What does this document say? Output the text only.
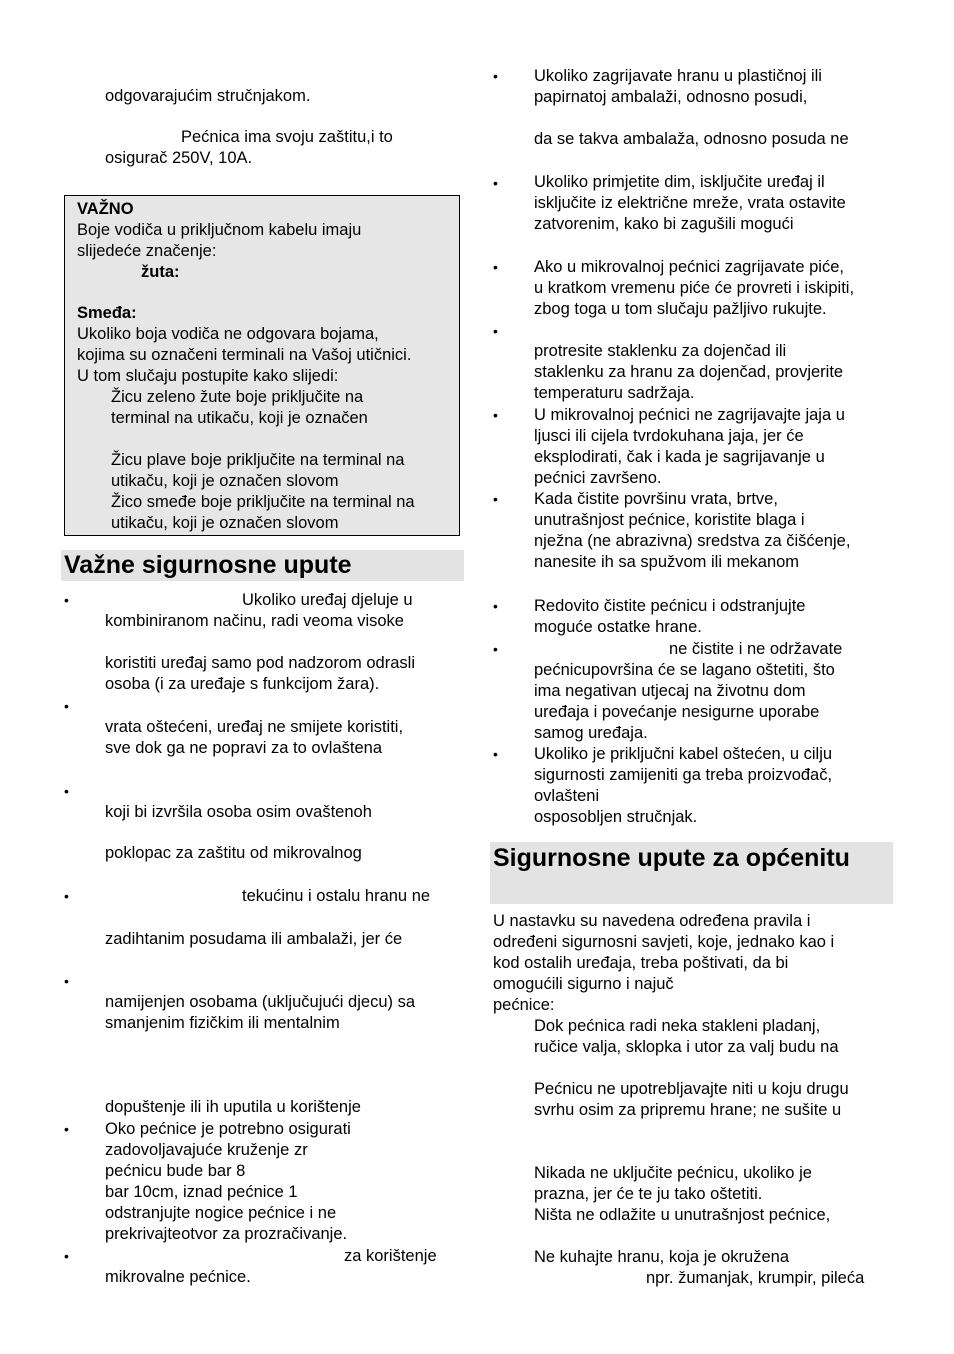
odgovarajućim stručnjakom.
Pećnica ima svoju zaštitu,i to
osigurač 250V, 10A.
VAŽNO
Boje vodiča u priključnom kabelu imaju
slijedeće značenje:
žuta:
Smeđa:
Ukoliko boja vodiča ne odgovara bojama,
kojima su označeni terminali na Vašoj utičnici.
U tom slučaju postupite kako slijedi:
Žicu zeleno žute boje priključite na
terminal na utikaču, koji je označen
Žicu plave boje priključite na terminal na
utikaču, koji je označen slovom
Žico smeđe boje priključite na terminal na
utikaču, koji je označen slovom
Važne sigurnosne upute
•	Ukoliko uređaj djeluje u
kombiniranom načinu, radi veoma visoke
koristiti uređaj samo pod nadzorom odrasli
osoba (i za uređaje s funkcijom žara).
•
vrata oštećeni, uređaj ne smijete koristiti,
sve dok ga ne popravi za to ovlaštena
•
koji bi izvršila osoba osim ovaštenoh
poklopac za zaštitu od mikrovalnog
•	tekućinu i ostalu hranu ne
zadihtanim posudama ili ambalaži, jer će
•
namijenjen osobama (uključujući djecu) sa
smanjenim fizičkim ili mentalnim
dopuštenje ili ih uputila u korištenje
• Oko pećnice je potrebno osigurati
zadovoljavajuće kruženje zr
pećnicu bude bar 8
bar 10cm, iznad pećnice 1
odstranjujte nogice pećnice i ne
prekrivajteotvor za prozračivanje.
•	za korištenje
mikrovalne pećnice.
• Ukoliko zagrijavate hranu u plastičnoj ili
papirnatoj ambalaži, odnosno posudi,
da se takva ambalaža, odnosno posuda ne
• Ukoliko primjetite dim, isključite uređaj il
isključite iz električne mreže, vrata ostavite
zatvorenim, kako bi zagušili mogući
• Ako u mikrovalnoj pećnici zagrijavate piće,
u kratkom vremenu piće će provreti i iskipiti,
zbog toga u tom slučaju pažljivo rukujte.
•
protresite staklenku za dojenčad ili
staklenku za hranu za dojenčad, provjerite
temperaturu sadržaja.
• U mikrovalnoj pećnici ne zagrijavajte jaja u
ljusci ili cijela tvrdokuhana jaja, jer će
eksplodirati, čak i kada je sagrijavanje u
pećnici završeno.
• Kada čistite površinu vrata, brtve,
unutrašnjost pećnice, koristite blaga i
nježna (ne abrazivna) sredstva za čišćenje,
nanesite ih sa spužvom ili mekanom
• Redovito čistite pećnicu i odstranjujte
moguće ostatke hrane.
•	ne čistite i ne održavate
pećnicupovršina će se lagano oštetiti, što
ima negativan utjecaj na životnu dom
uređaja i povećanje nesigurne uporabe
samog uređaja.
• Ukoliko je priključni kabel oštećen, u cilju
sigurnosti zamijeniti ga treba proizvođač,
ovlašteni
osposobljen stručnjak.
Sigurnosne upute za općenitu
U nastavku su navedena određena pravila i
određeni sigurnosni savjeti, koje, jednako kao i
kod ostalih uređaja, treba poštivati, da bi
omogućili sigurno i najuč
pećnice:
Dok pećnica radi neka stakleni pladanj,
ručice valja, sklopka i utor za valj budu na
Pećnicu ne upotrebljavajte niti u koju drugu
svrhu osim za pripremu hrane; ne sušite u
Nikada ne uključite pećnicu, ukoliko je
prazna, jer će te ju tako oštetiti.
Ništa ne odlažite u unutrašnjost pećnice,
Ne kuhajte hranu, koja je okružena
npr. žumanjak, krumpir, pileća
